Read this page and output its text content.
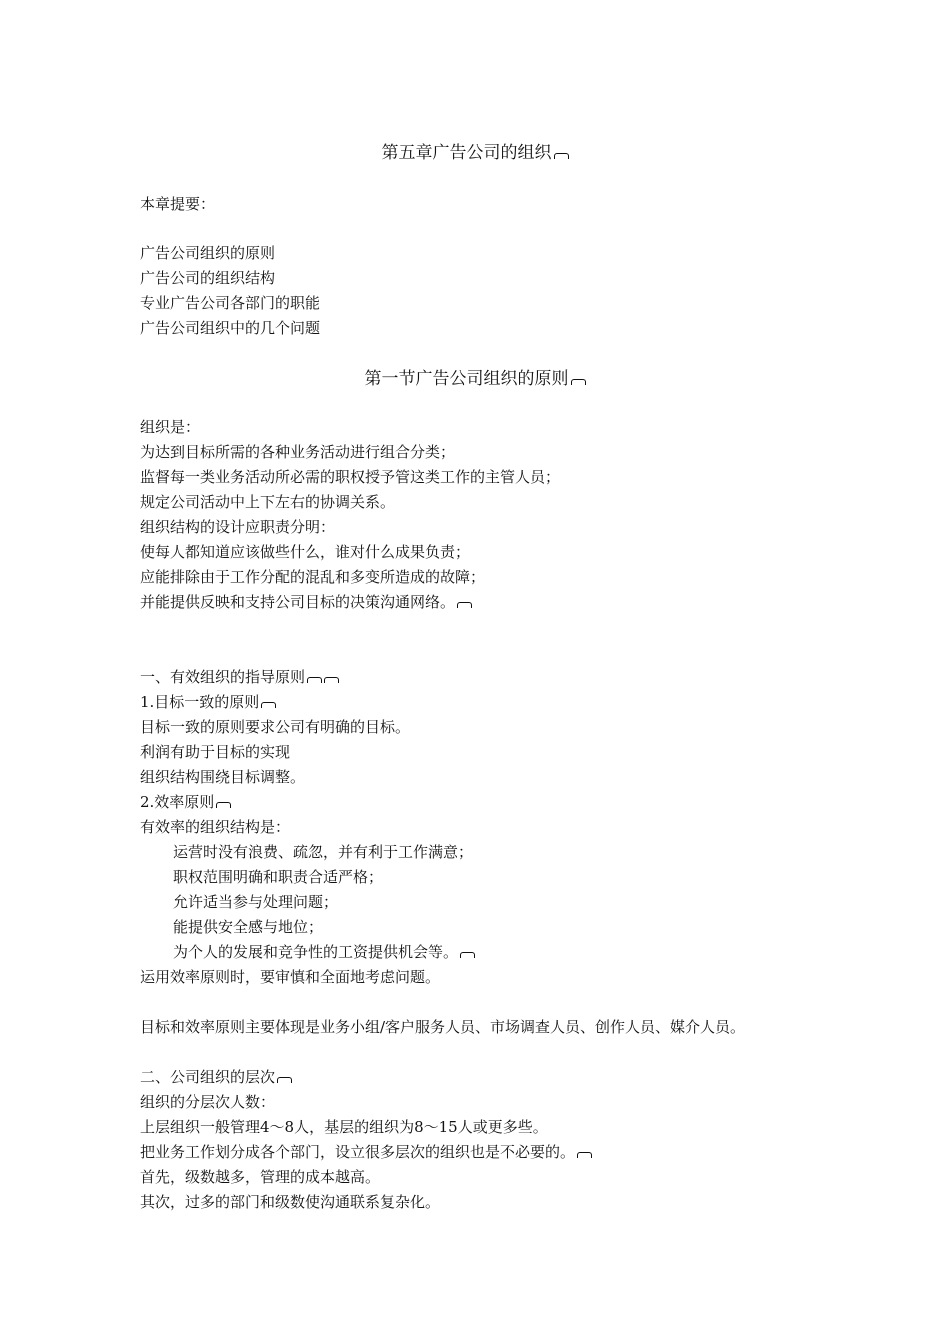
第五章广告公司的组织
本章提要：
广告公司组织的原则
广告公司的组织结构
专业广告公司各部门的职能
广告公司组织中的几个问题
第一节广告公司组织的原则
组织是：
为达到目标所需的各种业务活动进行组合分类；
监督每一类业务活动所必需的职权授予管这类工作的主管人员；
规定公司活动中上下左右的协调关系。
组织结构的设计应职责分明：
使每人都知道应该做些什么，谁对什么成果负责；
应能排除由于工作分配的混乱和多变所造成的故障；
并能提供反映和支持公司目标的决策沟通网络。
一、有效组织的指导原则
1.目标一致的原则
目标一致的原则要求公司有明确的目标。
利润有助于目标的实现
组织结构围绕目标调整。
2.效率原则
有效率的组织结构是：
运营时没有浪费、疏忽，并有利于工作满意；
职权范围明确和职责合适严格；
允许适当参与处理问题；
能提供安全感与地位；
为个人的发展和竞争性的工资提供机会等。
运用效率原则时，要审慎和全面地考虑问题。
目标和效率原则主要体现是业务小组/客户服务人员、市场调查人员、创作人员、媒介人员。
二、公司组织的层次
组织的分层次人数：
上层组织一般管理4～8人，基层的组织为8～15人或更多些。
把业务工作划分成各个部门，设立很多层次的组织也是不必要的。
首先，级数越多，管理的成本越高。
其次，过多的部门和级数使沟通联系复杂化。
